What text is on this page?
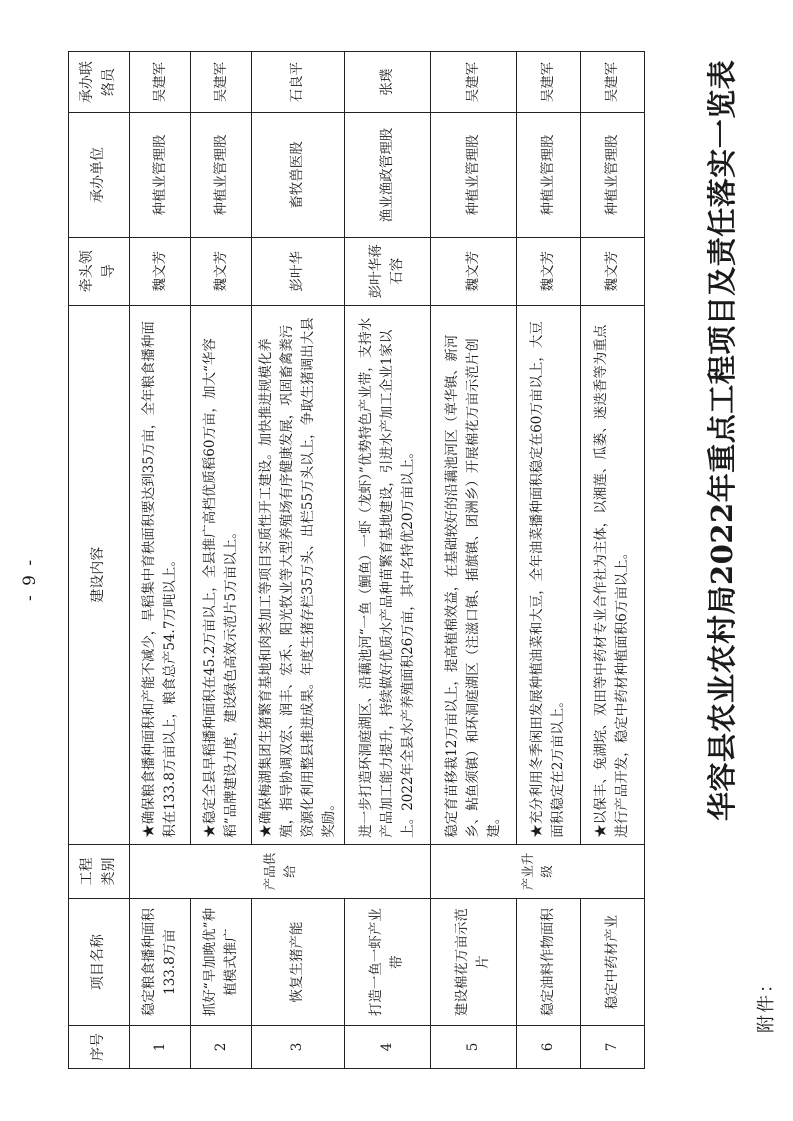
附件：
华容县农业农村局2022年重点工程项目及责任落实一览表
序号	项目名称	工程类别	建设内容	牵头领导	承办单位	承办联络员
1	稳定粮食播种面积133.8万亩	产品供给	★确保粮食播种面积和产能不减少，旱稻集中育秧面积要达到35万亩，全年粮食播种面积在133.8万亩以上，粮食总产54.7万吨以上。	魏文芳	种植业管理股	吴建军
2	抓好“早加晚优”种植模式推广		★稳定全县早稻播种面积在45.2万亩以上，全县推广高档优质稻60万亩，加大“华容稻”品牌建设力度，建设绿色高效示范片5万亩以上。	魏文芳	种植业管理股	吴建军
3	恢复生猪产能		★确保梅湖集团生猪繁育基地和肉类加工等项目实质性开工建设。加快推进规模化养殖，指导协调双宏、润丰、宏禾、阳光牧业等大型养殖场有序健康发展，巩固畜禽粪污资源化利用整县推进成果。年度生猪存栏35万头、出栏55万头以上，争取生猪调出大县奖励。	彭叶华	畜牧兽医股	石良平
4	打造一鱼一虾产业带		进一步打造环洞庭湖区、沿藕池河“一鱼（鮰鱼）一虾（龙虾）”优势特色产业带，支持水产品加工能力提升，持续做好优质水产品种苗繁育基地建设，引进水产加工企业1家以上。2022年全县水产养殖面积26万亩，其中名特优20万亩以上。	彭叶华蒋石容	渔业渔政管理股	张璞
5	建设棉花万亩示范片	产业升级	稳定育苗移栽12万亩以上，提高植棉效益，在基础较好的沿藕池河区（章华镇、新河乡、鲇鱼须镇）和环洞庭湖区（注滋口镇、插旗镇、团洲乡）开展棉花万亩示范片创建。	魏文芳	种植业管理股	吴建军
6	稳定油料作物面积		★充分利用冬季闲田发展种植油菜和大豆，全年油菜播种面积稳定在60万亩以上，大豆面积稳定在2万亩以上。	魏文芳	种植业管理股	吴建军
7	稳定中药材产业		★以保丰、兔湖垸、双田等中药材专业合作社为主体，以湘莲、瓜蒌、迷迭香等为重点进行产品开发，稳定中药材种植面积6万亩以上。	魏文芳	种植业管理股	吴建军
- 9 -
